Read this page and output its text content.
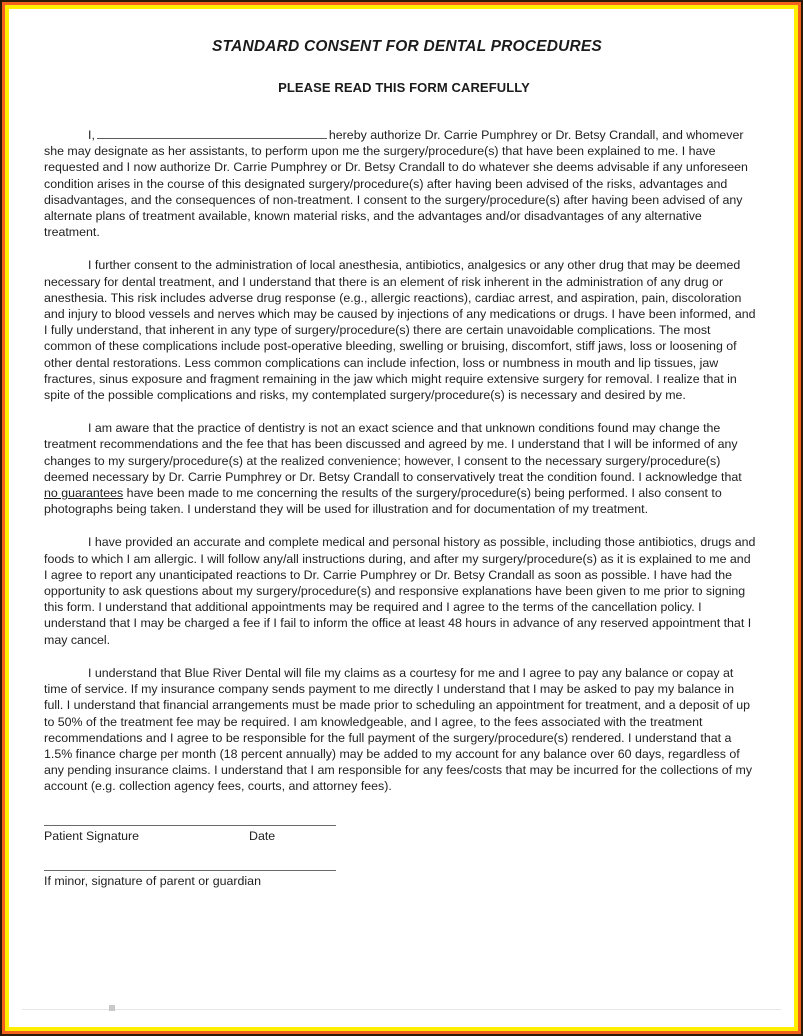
STANDARD CONSENT FOR DENTAL PROCEDURES
PLEASE READ THIS FORM CAREFULLY

I,	hereby authorize Dr. Carrie Pumphrey or Dr. Betsy Crandall, and whomever she may designate as her assistants, to perform upon me the surgery/procedure(s) that have been explained to me. I have requested and I now authorize Dr. Carrie Pumphrey or Dr. Betsy Crandall to do whatever she deems advisable if any unforeseen condition arises in the course of this designated surgery/procedure(s) after having been advised of the risks, advantages and disadvantages, and the consequences of non-treatment. I consent to the surgery/procedure(s) after having been advised of any alternate plans of treatment available, known material risks, and the advantages and/or disadvantages of any alternative treatment.

I further consent to the administration of local anesthesia, antibiotics, analgesics or any other drug that may be deemed necessary for dental treatment, and I understand that there is an element of risk inherent in the administration of any drug or anesthesia. This risk includes adverse drug response (e.g., allergic reactions), cardiac arrest, and aspiration, pain, discoloration and injury to blood vessels and nerves which may be caused by injections of any medications or drugs. I have been informed, and I fully understand, that inherent in any type of surgery/procedure(s) there are certain unavoidable complications. The most common of these complications include post-operative bleeding, swelling or bruising, discomfort, stiff jaws, loss or loosening of other dental restorations. Less common complications can include infection, loss or numbness in mouth and lip tissues, jaw fractures, sinus exposure and fragment remaining in the jaw which might require extensive surgery for removal. I realize that in spite of the possible complications and risks, my contemplated surgery/procedure(s) is necessary and desired by me.

I am aware that the practice of dentistry is not an exact science and that unknown conditions found may change the treatment recommendations and the fee that has been discussed and agreed by me. I understand that I will be informed of any changes to my surgery/procedure(s) at the realized convenience; however, I consent to the necessary surgery/procedure(s) deemed necessary by Dr. Carrie Pumphrey or Dr. Betsy Crandall to conservatively treat the condition found. I acknowledge that no guarantees have been made to me concerning the results of the surgery/procedure(s) being performed. I also consent to photographs being taken. I understand they will be used for illustration and for documentation of my treatment.

I have provided an accurate and complete medical and personal history as possible, including those antibiotics, drugs and foods to which I am allergic. I will follow any/all instructions during, and after my surgery/procedure(s) as it is explained to me and I agree to report any unanticipated reactions to Dr. Carrie Pumphrey or Dr. Betsy Crandall as soon as possible. I have had the opportunity to ask questions about my surgery/procedure(s) and responsive explanations have been given to me prior to signing this form. I understand that additional appointments may be required and I agree to the terms of the cancellation policy. I understand that I may be charged a fee if I fail to inform the office at least 48 hours in advance of any reserved appointment that I may cancel.

I understand that Blue River Dental will file my claims as a courtesy for me and I agree to pay any balance or copay at time of service. If my insurance company sends payment to me directly I understand that I may be asked to pay my balance in full. I understand that financial arrangements must be made prior to scheduling an appointment for treatment, and a deposit of up to 50% of the treatment fee may be required. I am knowledgeable, and I agree, to the fees associated with the treatment recommendations and I agree to be responsible for the full payment of the surgery/procedure(s) rendered. I understand that a 1.5% finance charge per month (18 percent annually) may be added to my account for any balance over 60 days, regardless of any pending insurance claims. I understand that I am responsible for any fees/costs that may be incurred for the collections of my account (e.g. collection agency fees, courts, and attorney fees).

Patient Signature	Date
If minor, signature of parent or guardian
